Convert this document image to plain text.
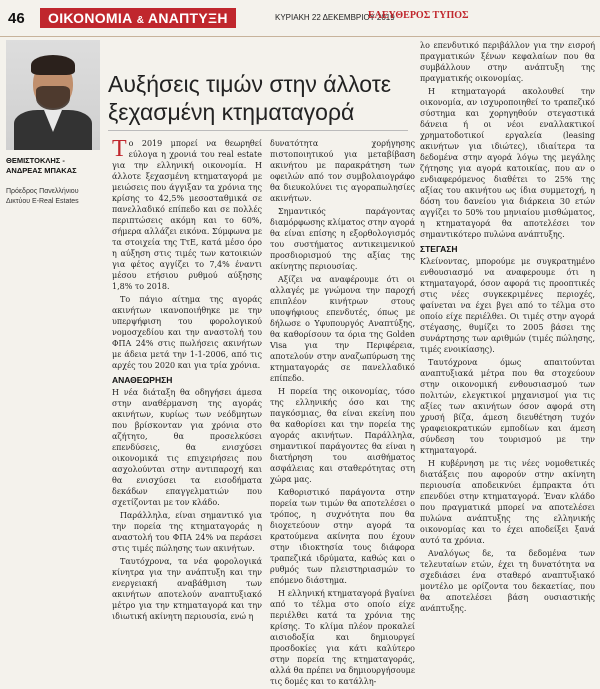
46	ΟΙΚΟΝΟΜΙΑ & ΑΝΑΠΤΥΞΗ	ΚΥΡΙΑΚΗ 22 ΔΕΚΕΜΒΡΙΟΥ 2019
ΕΛΕΥΘΕΡΟΣ ΤΥΠΟΣ
ΘΕΜΙΣΤΟΚΛΗΣ - ΑΝΔΡΕΑΣ ΜΠΑΚΑΣ
Πρόεδρος Πανελλήνιου Δικτύου E-Real Estates
Αυξήσεις τιμών στην άλλοτε ξεχασμένη κτηματαγορά

Το 2019 μπορεί να θεωρηθεί εύλογα η χρονιά του real estate για την ελληνική οικονομία. Η άλλοτε ξεχασμένη κτηματαγορά με μειώσεις που άγγιξαν τα χρόνια της κρίσης το 42,5% μεσοσταθμικά σε πανελλαδικό επίπεδο και σε πολλές περιπτώσεις ακόμη και το 60%, σήμερα αλλάζει εικόνα. Σύμφωνα με τα στοιχεία της ΤτΕ, κατά μέσο όρο η αύξηση στις τιμές των κατοικιών για φέτος αγγίζει το 7,4% έναντι μέσου ετήσιου ρυθμού αύξησης 1,8% το 2018.

Το πάγιο αίτημα της αγοράς ακινήτων ικανοποιήθηκε με την υπερψήφιση του φορολογικού νομοσχεδίου και την αναστολή του ΦΠΑ 24% στις πωλήσεις ακινήτων με άδεια μετά την 1-1-2006, από τις αρχές του 2020 και για τρία χρόνια.

ΑΝΑΘΕΩΡΗΣΗ

Η νέα διάταξη θα οδηγήσει άμεσα στην αναθέρμανση της αγοράς ακινήτων, κυρίως των νεόδμητων που βρίσκονταν για χρόνια στο αζήτητο, θα προσελκύσει επενδύσεις, θα ενισχύσει οικονομικά τις επιχειρήσεις που ασχολούνται στην αντιπαροχή και θα ενισχύσει τα εισοδήματα δεκάδων επαγγελματιών που σχετίζονται με τον κλάδο.

Παράλληλα, είναι σημαντικό για την πορεία της κτηματαγοράς η αναστολή του ΦΠΑ 24% να περάσει στις τιμές πώλησης των ακινήτων.

Ταυτόχρονα, τα νέα φορολογικά κίνητρα για την ανάπτυξη και την ενεργειακή αναβάθμιση των ακινήτων αποτελούν αναπτυξιακό μέτρο για την κτηματαγορά και την ιδιωτική ακίνητη περιουσία, ενώ η

δυνατότητα χορήγησης πιστοποιητικού για μεταβίβαση ακινήτου με παρακράτηση των οφειλών από τον συμβολαιογράφο θα διευκολύνει τις αγοραπωλησίες ακινήτων.

Σημαντικός παράγοντας διαμόρφωσης κλίματος στην αγορά θα είναι επίσης η εξορθολογισμός του συστήματος αντικειμενικού προσδιορισμού της αξίας της ακίνητης περιουσίας.

Αξίζει να αναφέρουμε ότι οι αλλαγές με γνώμονα την παροχή επιπλέον κινήτρων στους υποψήφιους επενδυτές, όπως με δήλωσε ο Υφυπουργός Αναπτύξης, θα καθορίσουν τα όρια της Golden Visa για την Περιφέρεια, αποτελούν στην αναζωπύρωση της κτηματαγοράς σε πανελλαδικό επίπεδο.

Η πορεία της οικονομίας, τόσο της ελληνικής όσο και της παγκόσμιας, θα είναι εκείνη που θα καθορίσει και την πορεία της αγοράς ακινήτων. Παράλληλα, σημαντικοί παράγοντες θα είναι η διατήρηση του αισθήματος ασφάλειας και σταθερότητας στη χώρα μας.

Καθοριστικό παράγοντα στην πορεία των τιμών θα αποτελέσει ο τρόπος, η συχνότητα που θα διοχετεύουν στην αγορά τα κρατούμενα ακίνητα που έχουν στην ιδιοκτησία τους διάφορα τραπεζικά ιδρύματα, καθώς και ο ρυθμός των πλειστηριασμών το επόμενο διάστημα.

Η ελληνική κτηματαγορά βγαίνει από το τέλμα στο οποίο είχε περιέλθει κατά τα χρόνια της κρίσης. Το κλίμα πλέον προκαλεί αισιοδοξία και δημιουργεί προσδοκίες για κάτι καλύτερο στην πορεία της κτηματαγοράς, αλλά θα πρέπει να δημιουργήσουμε τις δομές και το κατάλλη-

λο επενδυτικό περιβάλλον για την εισροή πραγματικών ξένων κεφαλαίων που θα συμβάλλουν στην ανάπτυξη της πραγματικής οικονομίας.

Η κτηματαγορά ακολουθεί την οικονομία, αν ισχυροποιηθεί το τραπεζικό σύστημα και χορηγηθούν στεγαστικά δάνεια ή οι νέοι εναλλακτικοί χρηματοδοτικοί εργαλεία (leasing ακινήτων για ιδιώτες), ιδιαίτερα τα δεδομένα στην αγορά λόγω της μεγάλης ζήτησης για αγορά κατοικίας, που αν ο ενδιαφερόμενος διαθέτει το 25% της αξίας του ακινήτου ως ίδια συμμετοχή, η δόση του δανείου για διάρκεια 30 ετών αγγίζει το 50% του μηνιαίου μισθώματος, η κτηματαγορά θα αποτελέσει τον σημαντικότερο πυλώνα ανάπτυξης.

ΣΤΕΓΑΣΗ

Κλείνοντας, μπορούμε με συγκρατημένο ενθουσιασμό να αναφερουμε ότι η κτηματαγορά, όσον αφορά τις προοπτικές στις νέες συγκεκριμένες περιοχές, φαίνεται να έχει βγει από το τέλμα στο οποίο είχε περιέλθει. Οι τιμές στην αγορά στέγασης, θυμίζει το 2005 βάσει της συνάρτησης των αριθμών (τιμές πώλησης, τιμές ενοικίασης).

Ταυτόχρονα όμως απαιτούνται αναπτυξιακά μέτρα που θα στοχεύουν στην οικονομική ενθουσιασμού των πολιτών, ελεγκτικοί μηχανισμοί για τις αξίες των ακινήτων όσον αφορά στη χρυσή βίζα, άμεση διευθέτηση τυχόν γραφειοκρατικών εμποδίων και άμεση σύνδεση του τουρισμού με την κτηματαγορά.

Η κυβέρνηση με τις νέες νομοθετικές διατάξεις που αφορούν στην ακίνητη περιουσία αποδεικνύει έμπρακτα ότι επενδύει στην κτηματαγορά. Έναν κλάδο που πραγματικά μπορεί να αποτελέσει πυλώνα ανάπτυξης της ελληνικής οικονομίας και το έχει αποδείξει ξανά αυτό τα χρόνια.

Αναλόγως δε, τα δεδομένα των τελευταίων ετών, έχει τη δυνατότητα να σχεδιάσει ένα σταθερό αναπτυξιακό μοντέλο με ορίζοντα του δεκαετίας, που θα αποτελέσει βάση ουσιαστικής ανάπτυξης.
